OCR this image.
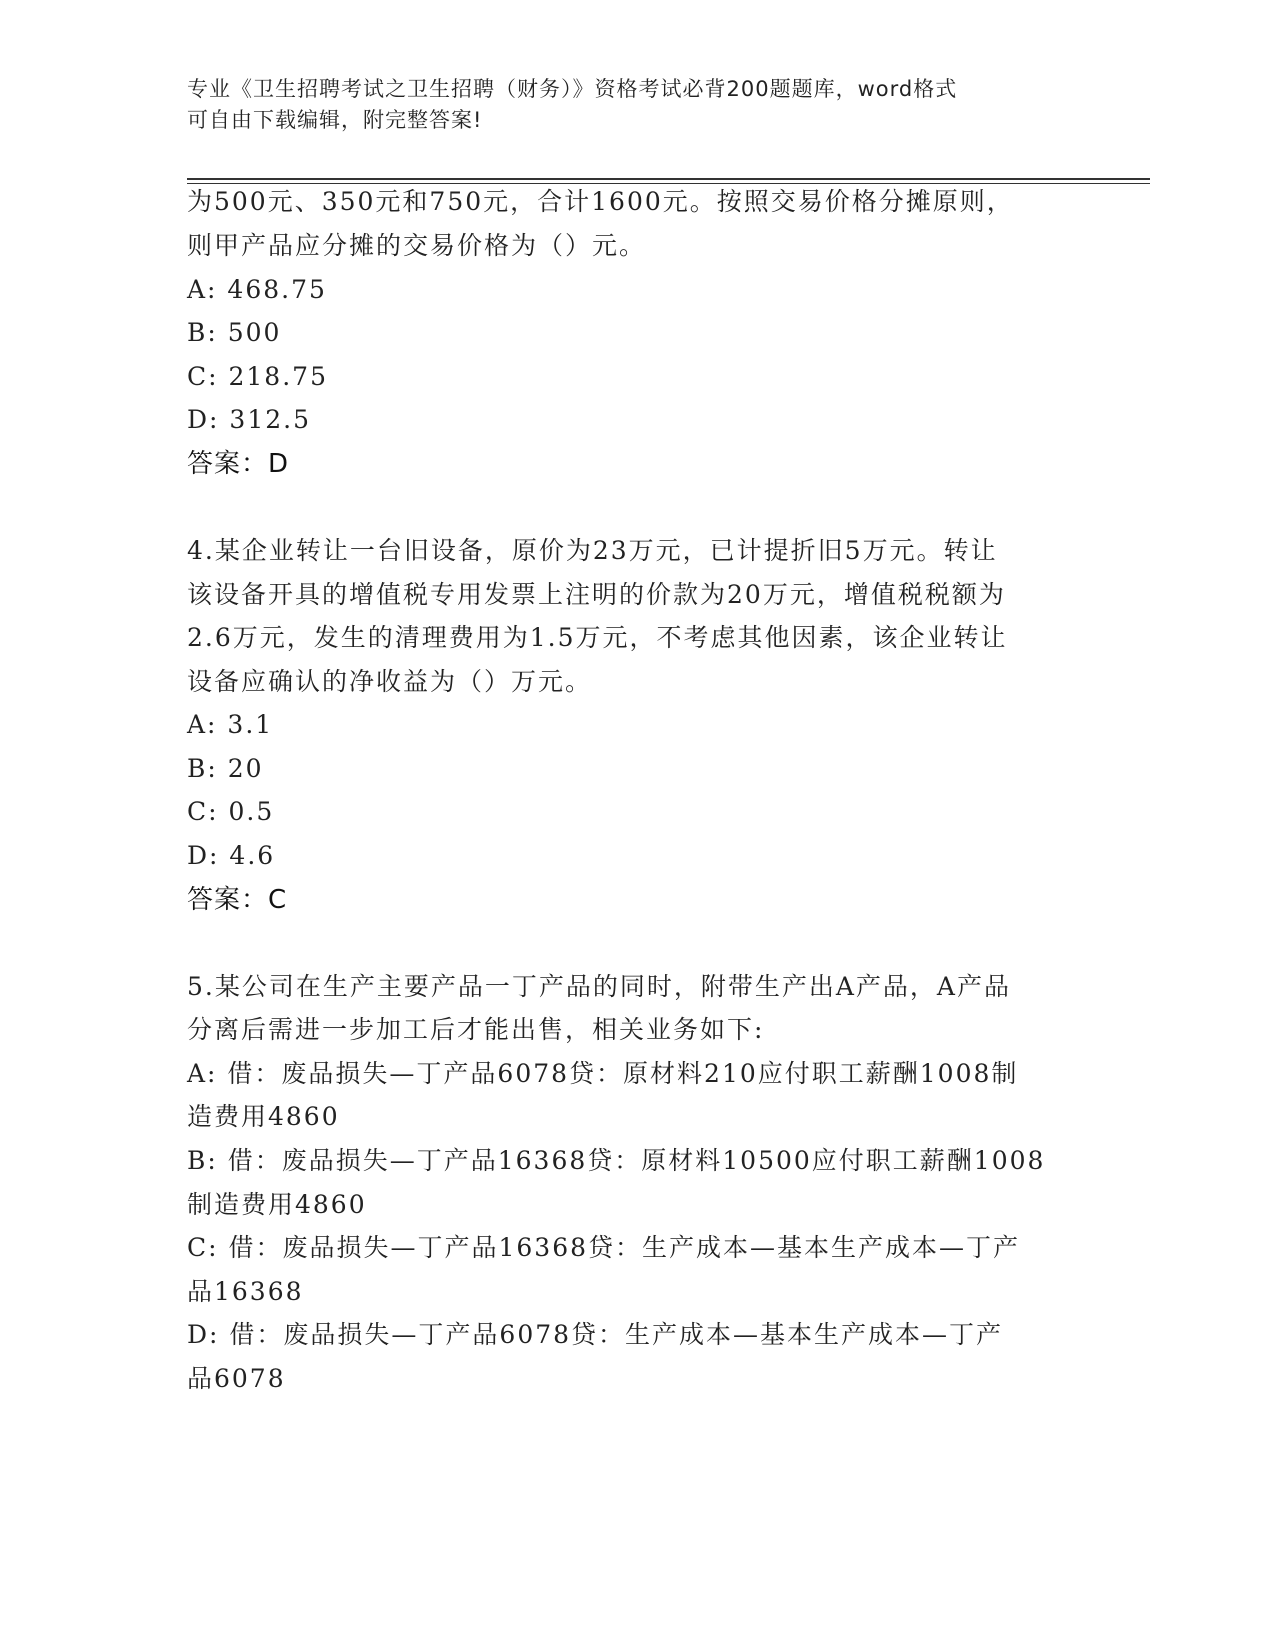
专业《卫生招聘考试之卫生招聘（财务）》资格考试必背200题题库，word格式
可自由下载编辑，附完整答案!
为500元、350元和750元，合计1600元。按照交易价格分摊原则，
则甲产品应分摊的交易价格为（）元。
A: 468.75
B: 500
C: 218.75
D: 312.5
答案：D
4.某企业转让一台旧设备，原价为23万元，已计提折旧5万元。转让
该设备开具的增值税专用发票上注明的价款为20万元，增值税税额为
2.6万元，发生的清理费用为1.5万元，不考虑其他因素，该企业转让
设备应确认的净收益为（）万元。
A: 3.1
B: 20
C: 0.5
D: 4.6
答案：C
5.某公司在生产主要产品一丁产品的同时，附带生产出A产品，A产品
分离后需进一步加工后才能出售，相关业务如下:
A: 借：废品损失—丁产品6078贷：原材料210应付职工薪酬1008制
造费用4860
B: 借：废品损失—丁产品16368贷：原材料10500应付职工薪酬1008
制造费用4860
C: 借：废品损失—丁产品16368贷：生产成本—基本生产成本—丁产
品16368
D: 借：废品损失—丁产品6078贷：生产成本—基本生产成本—丁产
品6078
